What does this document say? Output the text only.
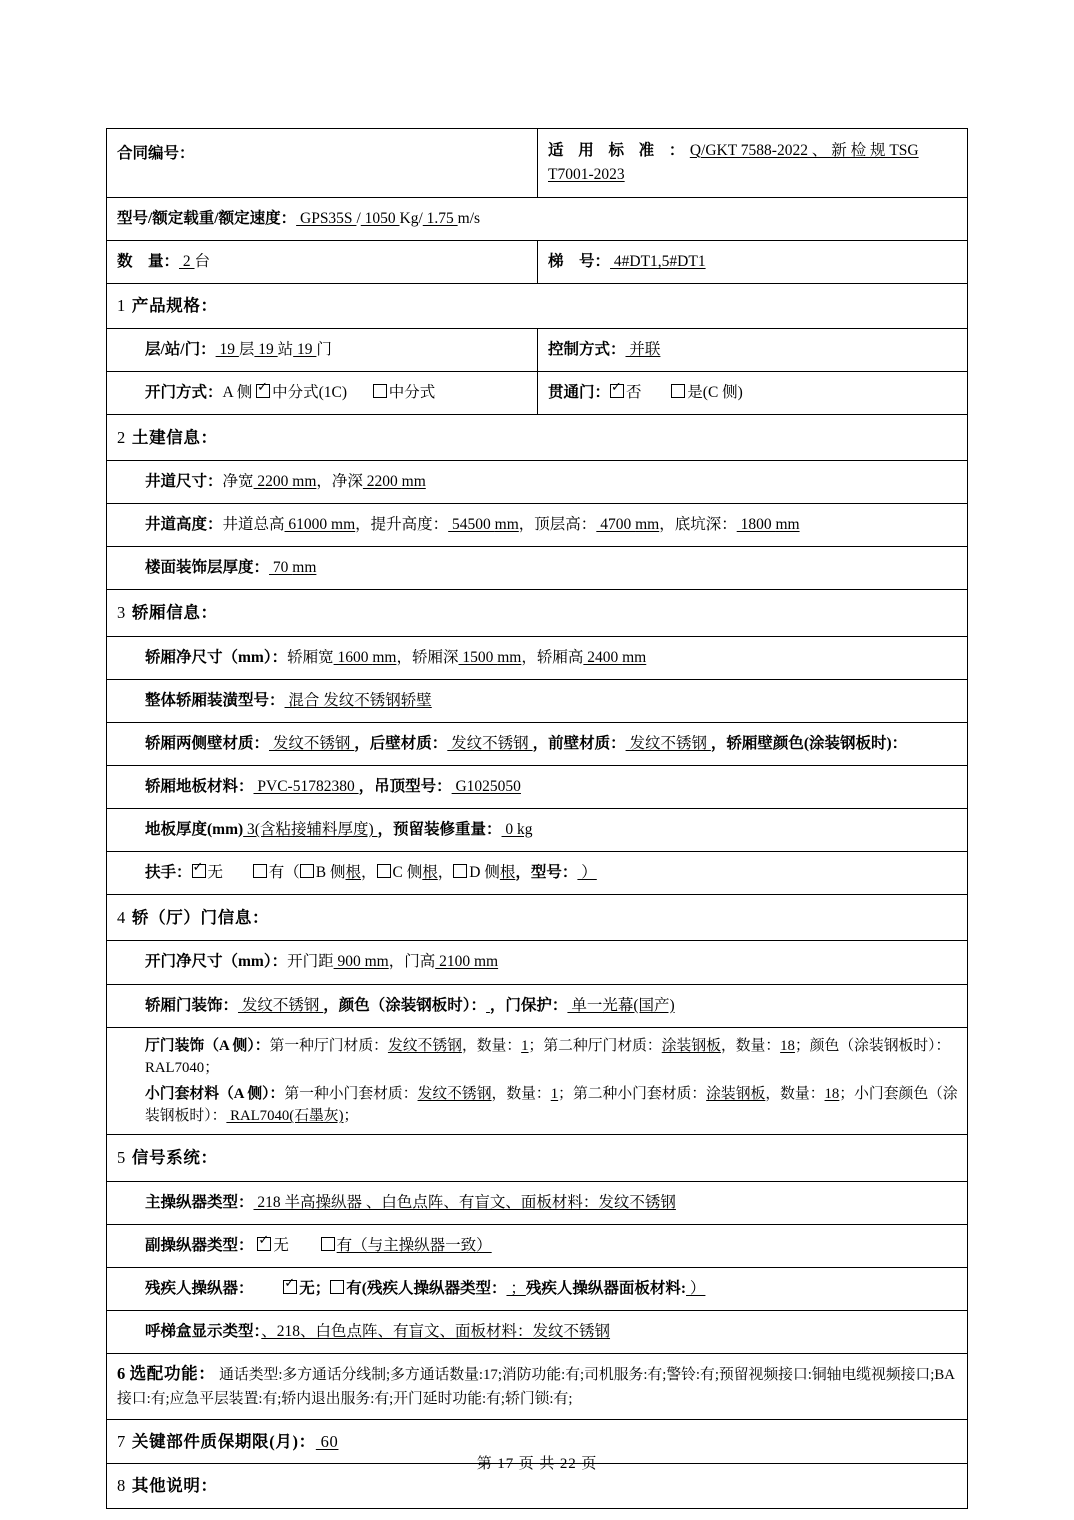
合同编号：	适 用 标 准 ：Q/GKT 7588-2022 、 新 检 规 TSG T7001-2023
型号/额定载重/额定速度： GPS35S / 1050 Kg/ 1.75 m/s
数　量： 2 台	梯　号： 4#DT1,5#DT1
1 产品规格：
层/站/门： 19 层 19 站 19 门	控制方式： 并联
开门方式：A 侧 ✓ 中分式(1C)	中分式	贯通门： ✓ 否	是(C 侧)
2 土建信息：
井道尺寸：净宽 2200 mm，净深 2200 mm
井道高度：井道总高 61000 mm，提升高度： 54500 mm，顶层高： 4700 mm，底坑深： 1800 mm
楼面装饰层厚度： 70 mm
3 轿厢信息：
轿厢净尺寸（mm）：轿厢宽 1600 mm，轿厢深 1500 mm，轿厢高 2400 mm
整体轿厢装潢型号： 混合 发纹不锈钢轿壁
轿厢两侧壁材质： 发纹不锈钢 ，后壁材质： 发纹不锈钢 ，前壁材质： 发纹不锈钢 ，轿厢壁颜色(涂装钢板时)：
轿厢地板材料： PVC-51782380 ，吊顶型号： G1025050
地板厚度(mm) 3(含粘接辅料厚度) ，预留装修重量： 0 kg
扶手： ✓ 无	有（ B 侧根， C 侧根， D 侧根，型号： ）
4 轿（厅）门信息：
开门净尺寸（mm）：开门距 900 mm，门高 2100 mm
轿厢门装饰： 发纹不锈钢 ，颜色（涂装钢板时）： ，门保护： 单一光幕(国产)
厅门装饰（A 侧）：第一种厅门材质：发纹不锈钢，数量：1；第二种厅门材质：涂装钢板，数量：18；颜色（涂装钢板时）：RAL7040；
小门套材料（A 侧）：第一种小门套材质：发纹不锈钢，数量：1；第二种小门套材质：涂装钢板，数量：18；小门套颜色（涂装钢板时）： RAL7040(石墨灰)；
5 信号系统：
主操纵器类型： 218 半高操纵器 、白色点阵、有盲文、面板材料：发纹不锈钢
副操纵器类型： ✓ 无	有（与主操纵器一致）
残疾人操纵器： ✓	无； 有(残疾人操纵器类型： ；残疾人操纵器面板材料: ）
呼梯盒显示类型：、218、白色点阵、有盲文、面板材料：发纹不锈钢
6 选配功能： 通话类型:多方通话分线制;多方通话数量:17;消防功能:有;司机服务:有;警铃:有;预留视频接口:铜轴电缆视频接口;BA 接口:有;应急平层装置:有;轿内退出服务:有;开门延时功能:有;轿门锁:有;
7 关键部件质保期限(月)： 60
8 其他说明：
第 17 页 共 22 页
